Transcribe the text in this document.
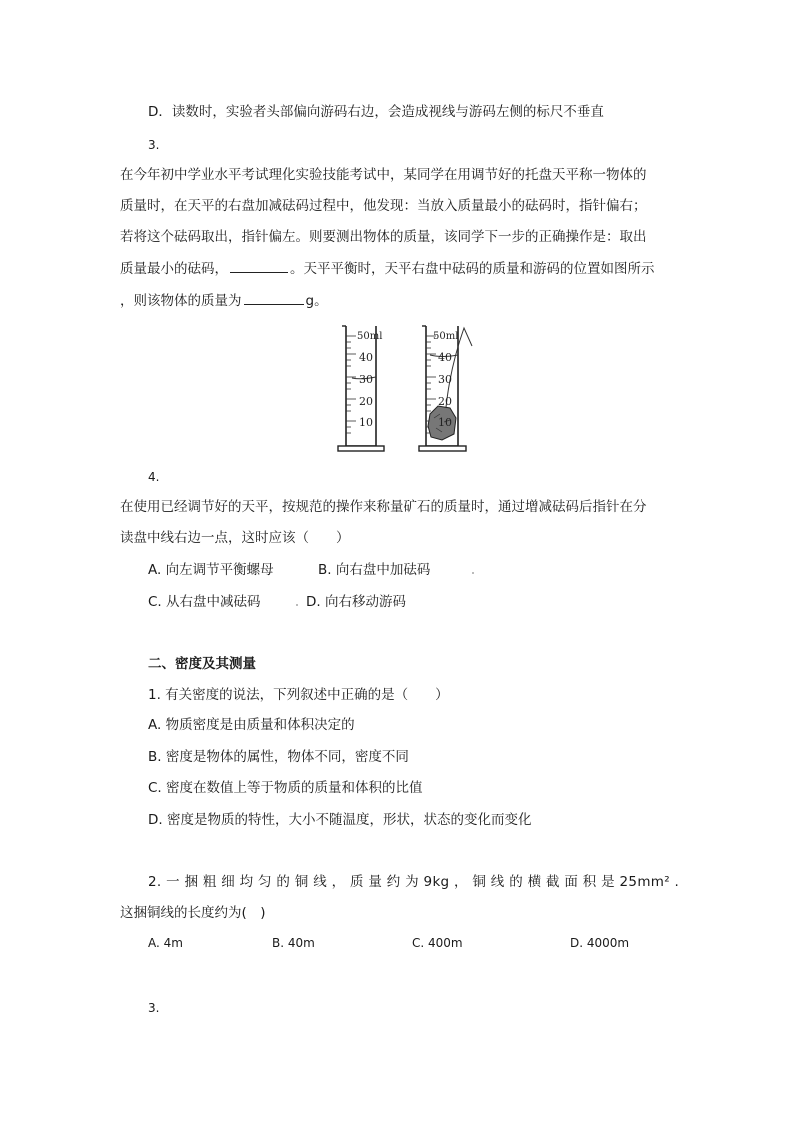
D．读数时，实验者头部偏向游码右边，会造成视线与游码左侧的标尺不垂直
3.
在今年初中学业水平考试理化实验技能考试中，某同学在用调节好的托盘天平称一物体的
质量时，在天平的右盘加减砝码过程中，他发现：当放入质量最小的砝码时，指针偏右；
若将这个砝码取出，指针偏左。则要测出物体的质量，该同学下一步的正确操作是：取出
质量最小的砝码，	。天平平衡时，天平右盘中砝码的质量和游码的位置如图所示
，则该物体的质量为	g。
50ml
40
30
20
10
50ml
40
30
20
10
4.
在使用已经调节好的天平，按规范的操作来称量矿石的质量时，通过增减砝码后指针在分
读盘中线右边一点，这时应该（　　）
A. 向左调节平衡螺母	B. 向右盘中加砝码
C. 从右盘中减砝码	D. 向右移动游码
二、密度及其测量
1. 有关密度的说法，下列叙述中正确的是（　　）
A. 物质密度是由质量和体积决定的
B. 密度是物体的属性，物体不同，密度不同
C. 密度在数值上等于物质的质量和体积的比值
D. 密度是物质的特性，大小不随温度，形状，状态的变化而变化
2. 一 捆 粗 细 均 匀 的 铜 线 ， 质 量 约 为 9kg ， 铜 线 的 横 截 面 积 是 25mm² .
这捆铜线的长度约为(　)
A. 4m	B. 40m	C. 400m	D. 4000m
3.
